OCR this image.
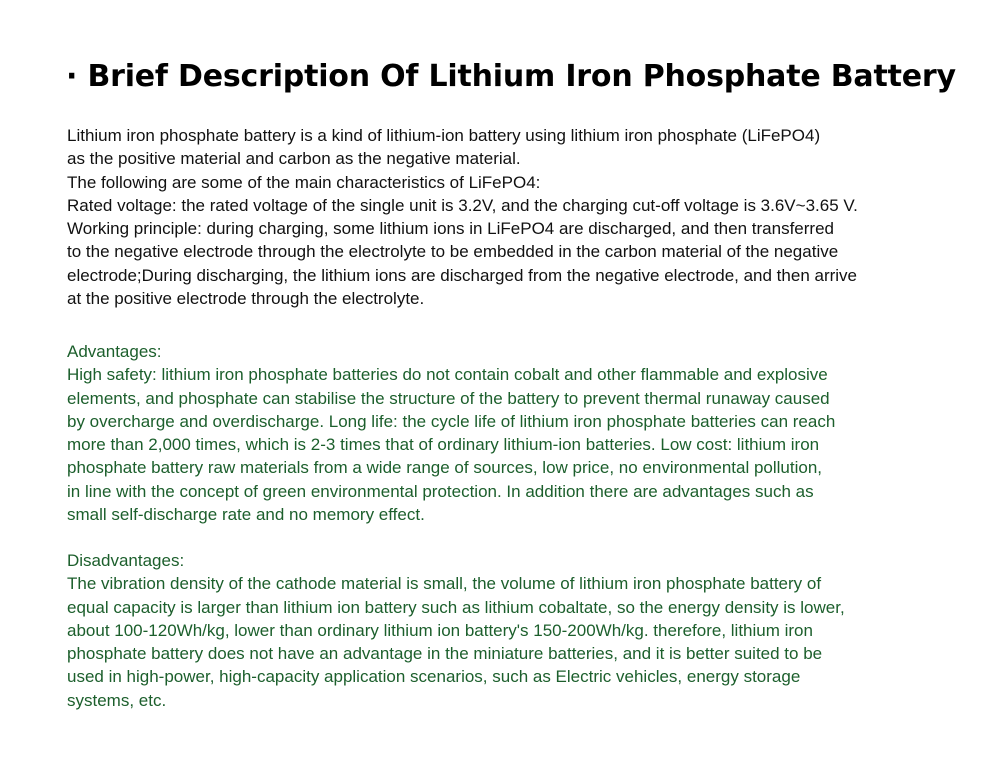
· Brief Description Of Lithium Iron Phosphate Battery
Lithium iron phosphate battery is a kind of lithium-ion battery using lithium iron phosphate (LiFePO4)
as the positive material and carbon as the negative material.
The following are some of the main characteristics of LiFePO4:
Rated voltage: the rated voltage of the single unit is 3.2V, and the charging cut-off voltage is 3.6V~3.65 V.
Working principle: during charging, some lithium ions in LiFePO4 are discharged, and then transferred
to the negative electrode through the electrolyte to be embedded in the carbon material of the negative
electrode;During discharging, the lithium ions are discharged from the negative electrode, and then arrive
at the positive electrode through the electrolyte.
Advantages:
High safety: lithium iron phosphate batteries do not contain cobalt and other flammable and explosive
elements, and phosphate can stabilise the structure of the battery to prevent thermal runaway caused
by overcharge and overdischarge. Long life: the cycle life of lithium iron phosphate batteries can reach
more than 2,000 times, which is 2-3 times that of ordinary lithium-ion batteries. Low cost: lithium iron
phosphate battery raw materials from a wide range of sources, low price, no environmental pollution,
in line with the concept of green environmental protection. In addition there are advantages such as
small self-discharge rate and no memory effect.
Disadvantages:
The vibration density of the cathode material is small, the volume of lithium iron phosphate battery of
equal capacity is larger than lithium ion battery such as lithium cobaltate, so the energy density is lower,
about 100-120Wh/kg, lower than ordinary lithium ion battery's 150-200Wh/kg. therefore, lithium iron
phosphate battery does not have an advantage in the miniature batteries, and it is better suited to be
used in high-power, high-capacity application scenarios, such as Electric vehicles, energy storage
systems, etc.
